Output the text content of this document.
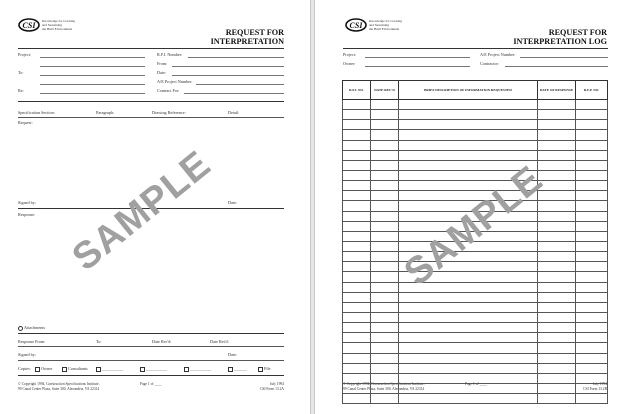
CSI Knowledge for Creating
and Sustaining
the Built Environment	REQUEST FOR
INTERPRETATION
Project:	R.F.I. Number:
From:
To:	Date:
A/E Project Number:
Re:	Contract For:
Specification Section:	Paragraph:	Drawing Reference:	Detail:
Request:
Signed by:	Date:
Response:
Attachments
Response From:	To:	Date Rec'd:	Date Ret'd:
Signed by:	Date:
Copies:	Owner	Consultants	__________	__________	__________	______	File
© Copyright 1994, Construction Specifications Institute,
99 Canal Center Plaza, Suite 300, Alexandria, VA 22314
Page 1 of ____	July 1994
CSI Form 13.2A
SAMPLE
CSI Knowledge for Creating
and Sustaining
the Built Environment	REQUEST FOR
INTERPRETATION LOG
Project:	A/E Project Number:
Owner:	Contractor:
© Copyright 1994, Construction Specifications Institute,
99 Canal Center Plaza, Suite 300, Alexandria, VA 22314
Page 1 of ____	July 1994
CSI Form 13.2B
R.F.I. NO.	DATE REC'D	BRIEF DESCRIPTION OF INFORMATION REQUESTED	DATE OF RESPONSE	R.F.P. NO.

SAMPLE
